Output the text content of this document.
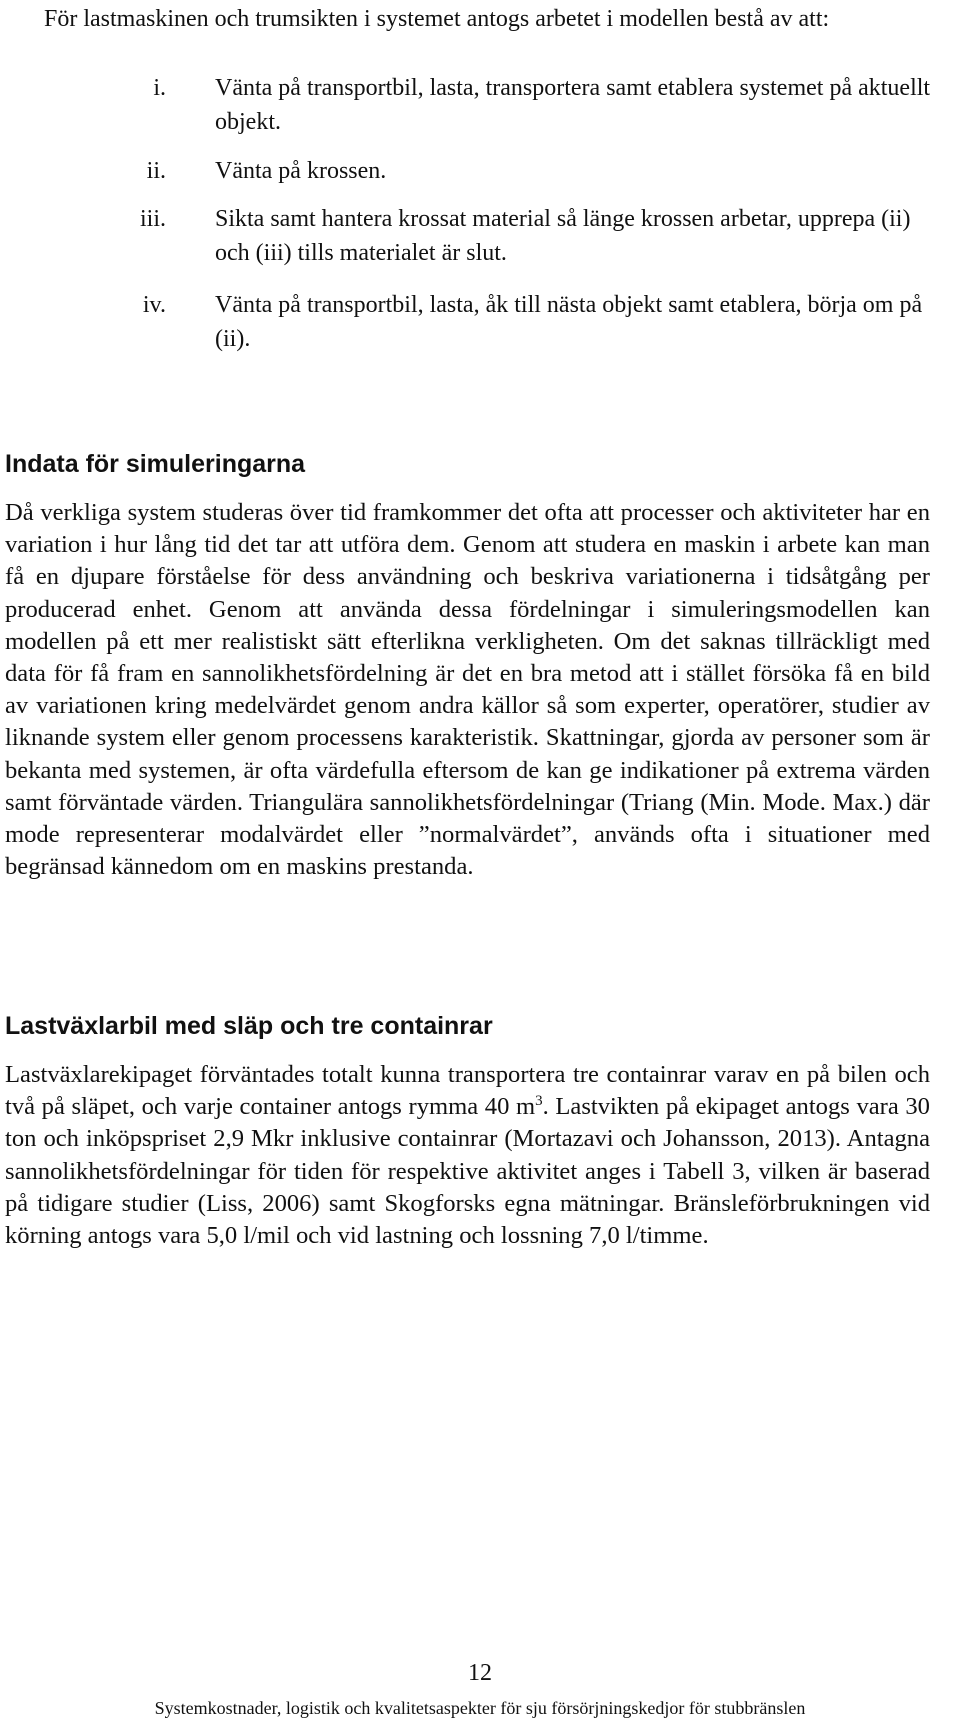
För lastmaskinen och trumsikten i systemet antogs arbetet i modellen bestå av att:

i. Vänta på transportbil, lasta, transportera samt etablera systemet på aktuellt objekt.
ii. Vänta på krossen.
iii. Sikta samt hantera krossat material så länge krossen arbetar, upprepa (ii) och (iii) tills materialet är slut.
iv. Vänta på transportbil, lasta, åk till nästa objekt samt etablera, börja om på (ii).
Indata för simuleringarna

Då verkliga system studeras över tid framkommer det ofta att processer och aktiviteter har en variation i hur lång tid det tar att utföra dem. Genom att studera en maskin i arbete kan man få en djupare förståelse för dess användning och beskriva variationerna i tidsåtgång per producerad enhet. Genom att använda dessa fördelningar i simuleringsmodellen kan modellen på ett mer realistiskt sätt efterlikna verkligheten. Om det saknas tillräckligt med data för få fram en sannolikhetsfördelning är det en bra metod att i stället försöka få en bild av variationen kring medelvärdet genom andra källor så som experter, operatörer, studier av liknande system eller genom processens karakteristik. Skattningar, gjorda av personer som är bekanta med systemen, är ofta värdefulla eftersom de kan ge indikationer på extrema värden samt förväntade värden. Triangulära sannolikhetsfördelningar (Triang (Min. Mode. Max.) där mode representerar modalvärdet eller ”normalvärdet”, används ofta i situationer med begränsad kännedom om en maskins prestanda.

Lastväxlarbil med släp och tre containrar

Lastväxlarekipaget förväntades totalt kunna transportera tre containrar varav en på bilen och två på släpet, och varje container antogs rymma 40 $m^3$. Lastvikten på ekipaget antogs vara 30 ton och inköpspriset 2,9 Mkr inklusive containrar (Mortazavi och Johansson, 2013). Antagna sannolikhetsfördelningar för tiden för respektive aktivitet anges i Tabell 3, vilken är baserad på tidigare studier (Liss, 2006) samt Skogforsks egna mätningar. Bränsleförbrukningen vid körning antogs vara 5,0 l/mil och vid lastning och lossning 7,0 l/timme.

12

Systemkostnader, logistik och kvalitetsaspekter för sju försörjningskedjor för stubbränslen
